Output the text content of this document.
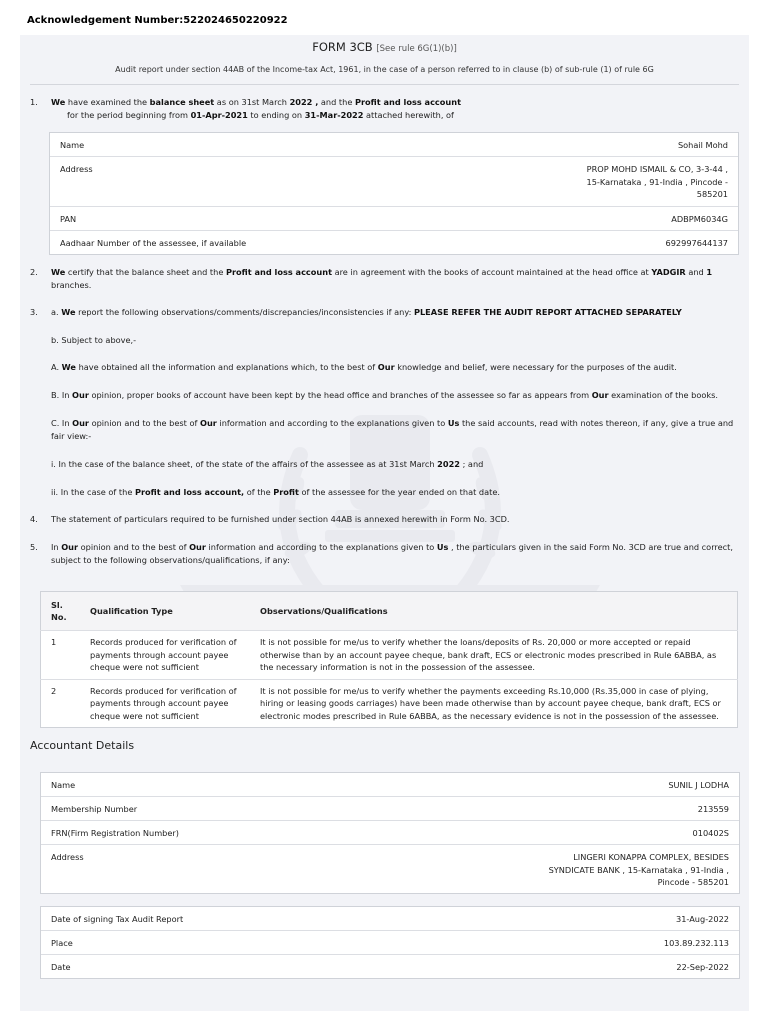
Acknowledgement Number:522024650220922
FORM 3CB [See rule 6G(1)(b)]
Audit report under section 44AB of the Income-tax Act, 1961, in the case of a person referred to in clause (b) of sub-rule (1) of rule 6G
1.	We have examined the balance sheet as on 31st March 2022 , and the Profit and loss account
for the period beginning from 01-Apr-2021 to ending on 31-Mar-2022 attached herewith, of
Name	Sohail Mohd
Address	PROP MOHD ISMAIL & CO, 3-3-44 ,
15-Karnataka , 91-India , Pincode -
585201
PAN	ADBPM6034G
Aadhaar Number of the assessee, if available	692997644137
2.	We certify that the balance sheet and the Profit and loss account are in agreement with the books of account maintained at the head office at YADGIR and 1
branches.
3.	a. We report the following observations/comments/discrepancies/inconsistencies if any: PLEASE REFER THE AUDIT REPORT ATTACHED SEPARATELY
b. Subject to above,-
A. We have obtained all the information and explanations which, to the best of Our knowledge and belief, were necessary for the purposes of the audit.
B. In Our opinion, proper books of account have been kept by the head office and branches of the assessee so far as appears from Our examination of the books.
C. In Our opinion and to the best of Our information and according to the explanations given to Us the said accounts, read with notes thereon, if any, give a true and fair view:-
i. In the case of the balance sheet, of the state of the affairs of the assessee as at 31st March 2022 ; and
ii. In the case of the Profit and loss account, of the Profit of the assessee for the year ended on that date.
4.	The statement of particulars required to be furnished under section 44AB is annexed herewith in Form No. 3CD.
5.	In Our opinion and to the best of Our information and according to the explanations given to Us , the particulars given in the said Form No. 3CD are true and correct, subject to the following observations/qualifications, if any:
Sl. No.	Qualification Type	Observations/Qualifications
1	Records produced for verification of payments through account payee cheque were not sufficient	It is not possible for me/us to verify whether the loans/deposits of Rs. 20,000 or more accepted or repaid otherwise than by an account payee cheque, bank draft, ECS or electronic modes prescribed in Rule 6ABBA, as the necessary information is not in the possession of the assessee.
2	Records produced for verification of payments through account payee cheque were not sufficient	It is not possible for me/us to verify whether the payments exceeding Rs.10,000 (Rs.35,000 in case of plying, hiring or leasing goods carriages) have been made otherwise than by account payee cheque, bank draft, ECS or electronic modes prescribed in Rule 6ABBA, as the necessary evidence is not in the possession of the assessee.
Accountant Details
Name	SUNIL J LODHA
Membership Number	213559
FRN(Firm Registration Number)	010402S
Address	LINGERI KONAPPA COMPLEX, BESIDES
SYNDICATE BANK , 15-Karnataka , 91-India ,
Pincode - 585201
Date of signing Tax Audit Report	31-Aug-2022
Place	103.89.232.113
Date	22-Sep-2022
